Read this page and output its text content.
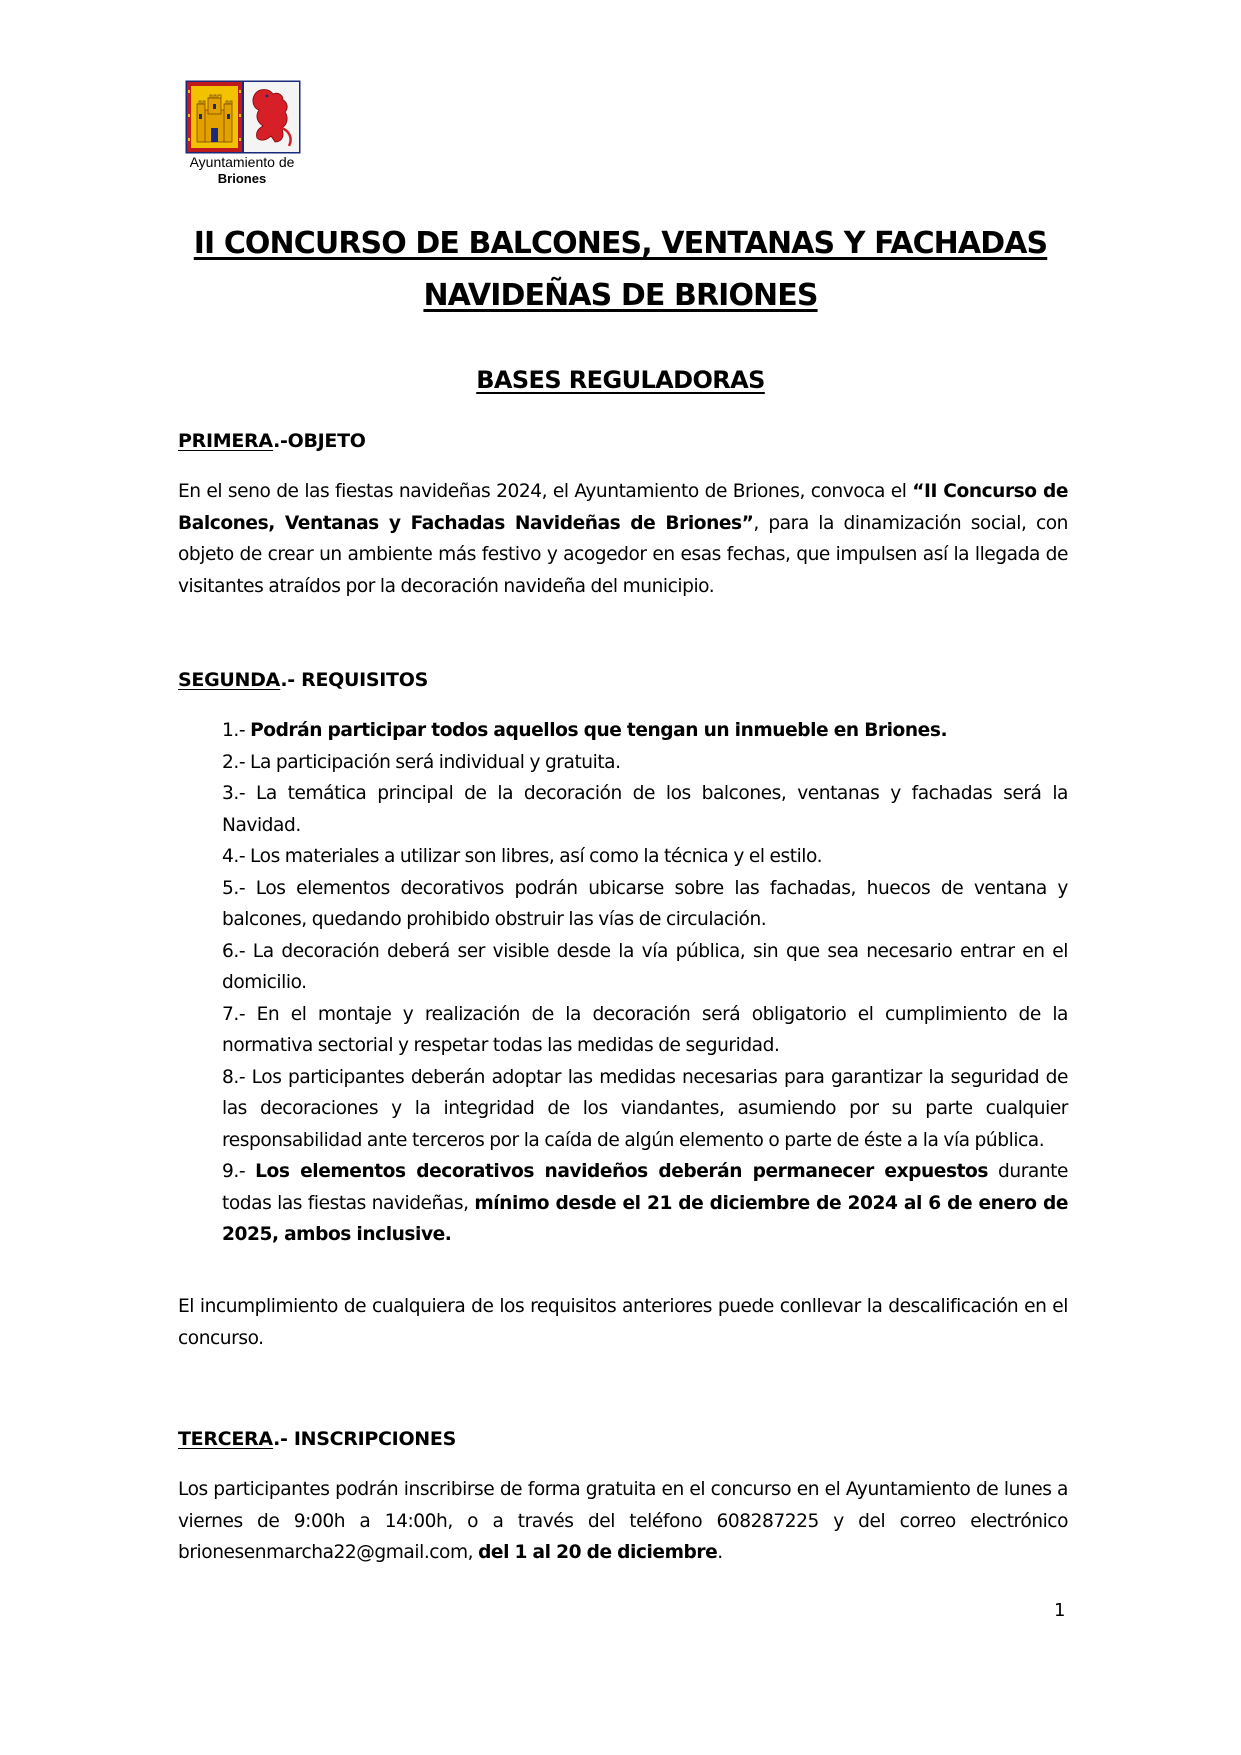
Ayuntamiento de
Briones
II CONCURSO DE BALCONES, VENTANAS Y FACHADAS
NAVIDEÑAS DE BRIONES
BASES REGULADORAS
PRIMERA.-OBJETO
En el seno de las fiestas navideñas 2024, el Ayuntamiento de Briones, convoca el “II Concurso de Balcones, Ventanas y Fachadas Navideñas de Briones”, para la dinamización social, con objeto de crear un ambiente más festivo y acogedor en esas fechas, que impulsen así la llegada de visitantes atraídos por la decoración navideña del municipio.
SEGUNDA.- REQUISITOS
1.- Podrán participar todos aquellos que tengan un inmueble en Briones.
2.- La participación será individual y gratuita.
3.- La temática principal de la decoración de los balcones, ventanas y fachadas será la Navidad.
4.- Los materiales a utilizar son libres, así como la técnica y el estilo.
5.- Los elementos decorativos podrán ubicarse sobre las fachadas, huecos de ventana y balcones, quedando prohibido obstruir las vías de circulación.
6.- La decoración deberá ser visible desde la vía pública, sin que sea necesario entrar en el domicilio.
7.- En el montaje y realización de la decoración será obligatorio el cumplimiento de la normativa sectorial y respetar todas las medidas de seguridad.
8.- Los participantes deberán adoptar las medidas necesarias para garantizar la seguridad de las decoraciones y la integridad de los viandantes, asumiendo por su parte cualquier responsabilidad ante terceros por la caída de algún elemento o parte de éste a la vía pública.
9.- Los elementos decorativos navideños deberán permanecer expuestos durante todas las fiestas navideñas, mínimo desde el 21 de diciembre de 2024 al 6 de enero de 2025, ambos inclusive.
El incumplimiento de cualquiera de los requisitos anteriores puede conllevar la descalificación en el concurso.
TERCERA.- INSCRIPCIONES
Los participantes podrán inscribirse de forma gratuita en el concurso en el Ayuntamiento de lunes a viernes de 9:00h a 14:00h, o a través del teléfono 608287225 y del correo electrónico brionesenmarcha22@gmail.com, del 1 al 20 de diciembre.
1
